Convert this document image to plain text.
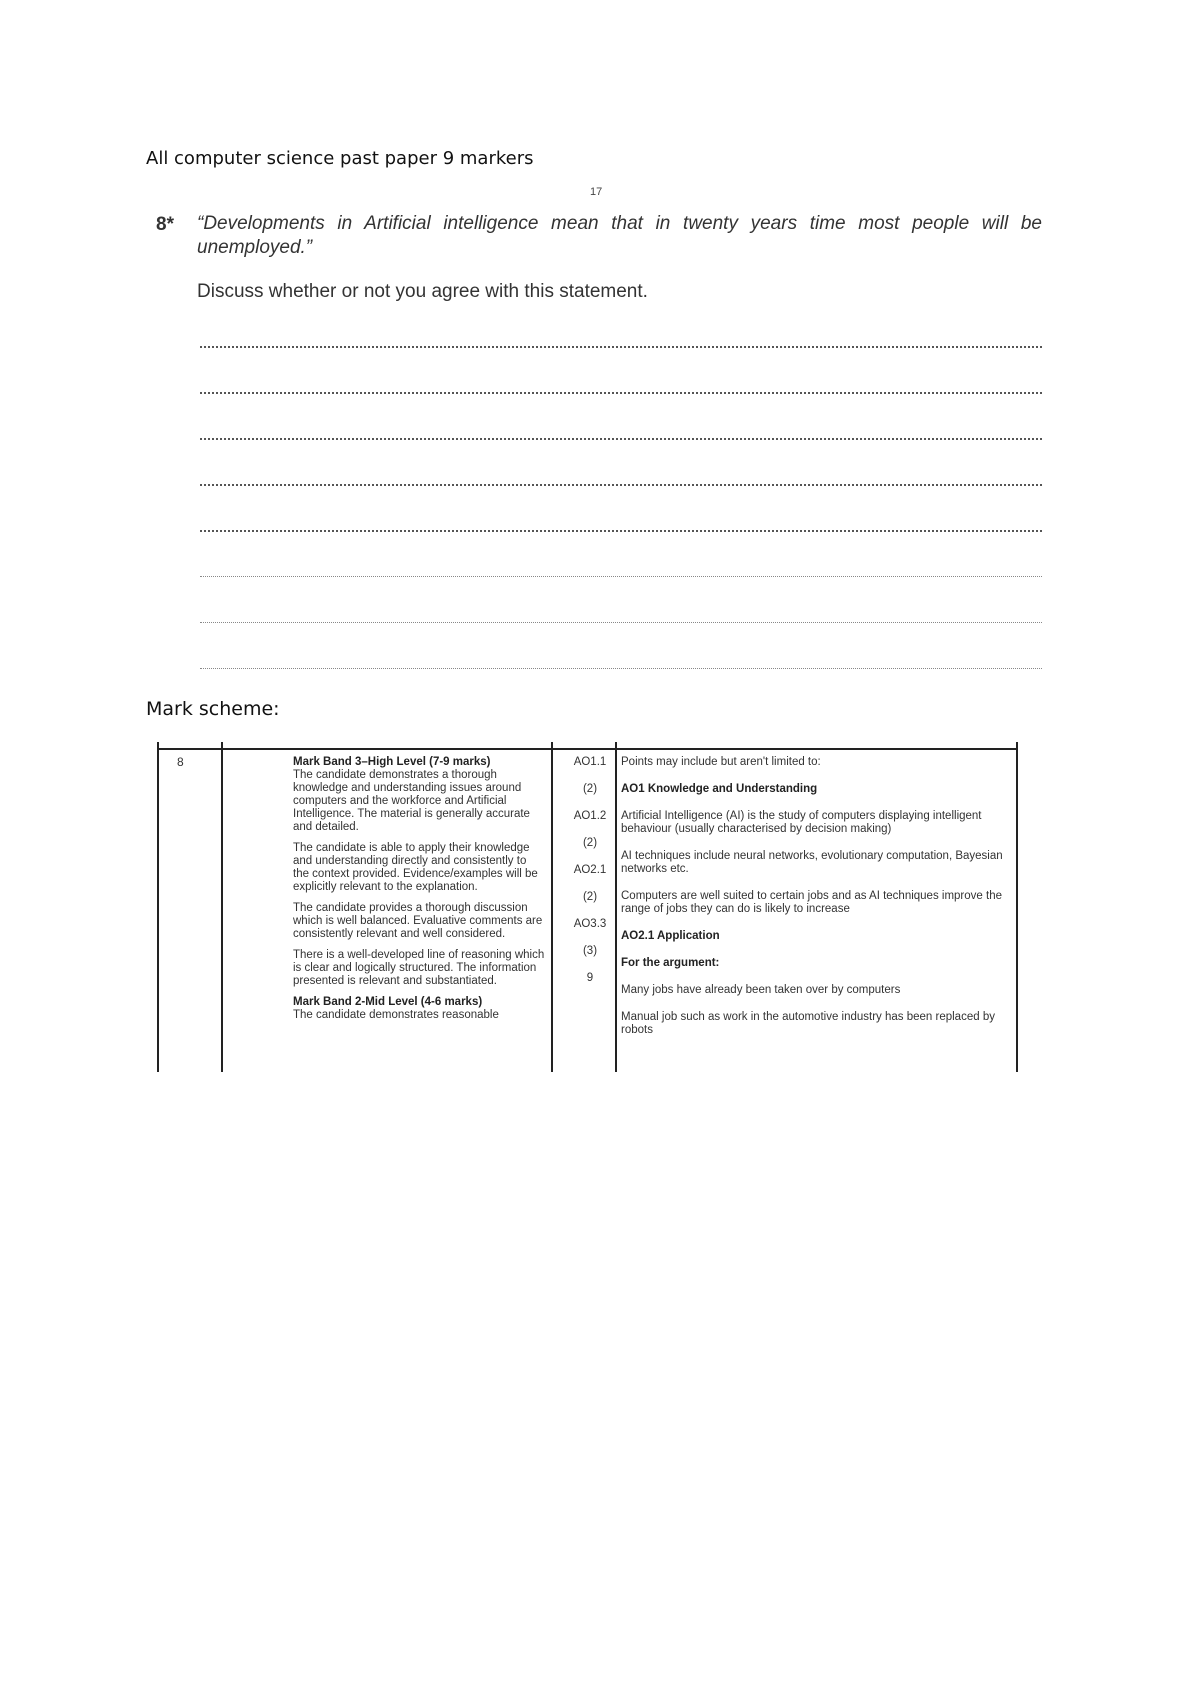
All computer science past paper 9 markers
17
8* “Developments in Artificial intelligence mean that in twenty years time most people will be unemployed.”
Discuss whether or not you agree with this statement.
Mark scheme:
8	Mark Band 3–High Level (7-9 marks)
The candidate demonstrates a thorough knowledge and understanding issues around computers and the workforce and Artificial Intelligence. The material is generally accurate and detailed.

The candidate is able to apply their knowledge and understanding directly and consistently to the context provided. Evidence/examples will be explicitly relevant to the explanation.

The candidate provides a thorough discussion which is well balanced. Evaluative comments are consistently relevant and well considered.

There is a well-developed line of reasoning which is clear and logically structured. The information presented is relevant and substantiated.

Mark Band 2-Mid Level (4-6 marks)
The candidate demonstrates reasonable

AO1.1
(2)
AO1.2
(2)
AO2.1
(2)
AO3.3
(3)
9

Points may include but aren't limited to:

AO1 Knowledge and Understanding

Artificial Intelligence (AI) is the study of computers displaying intelligent behaviour (usually characterised by decision making)

AI techniques include neural networks, evolutionary computation, Bayesian networks etc.

Computers are well suited to certain jobs and as AI techniques improve the range of jobs they can do is likely to increase

AO2.1 Application

For the argument:

Many jobs have already been taken over by computers

Manual job such as work in the automotive industry has been replaced by robots
